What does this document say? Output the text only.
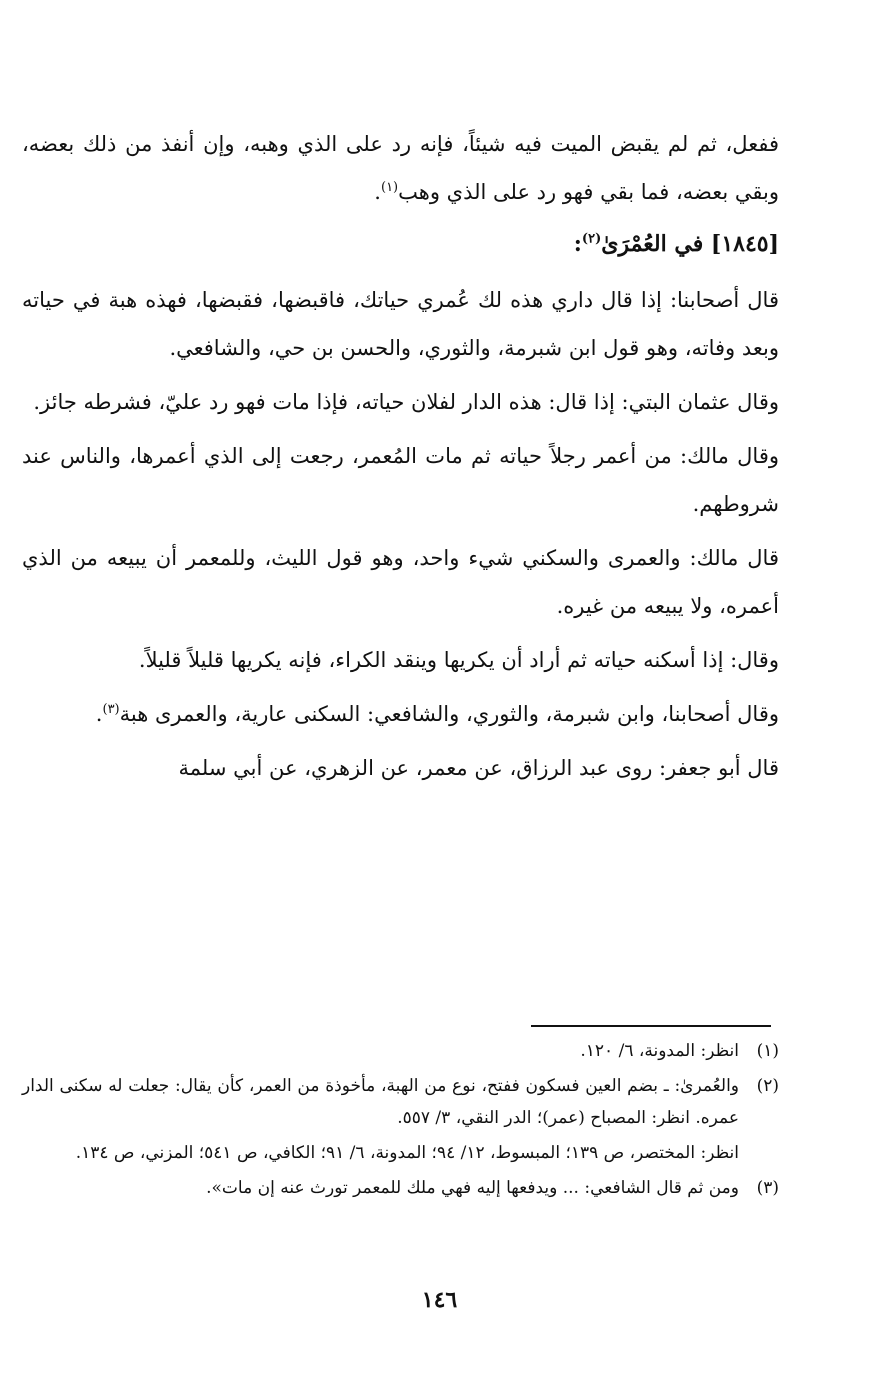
ففعل، ثم لم يقبض الميت فيه شيئاً، فإنه رد على الذي وهبه، وإن أنفذ من ذلك بعضه، وبقي بعضه، فما بقي فهو رد على الذي وهب$^{(١)}$.

[١٨٤٥] في العُمْرَىٰ$^{(٢)}$:

قال أصحابنا: إذا قال داري هذه لك عُمري حياتك، فاقبضها، فقبضها، فهذه هبة في حياته وبعد وفاته، وهو قول ابن شبرمة، والثوري، والحسن بن حي، والشافعي.

وقال عثمان البتي: إذا قال: هذه الدار لفلان حياته، فإذا مات فهو رد عليّ، فشرطه جائز.

وقال مالك: من أعمر رجلاً حياته ثم مات المُعمر، رجعت إلى الذي أعمرها، والناس عند شروطهم.

قال مالك: والعمرى والسكني شيء واحد، وهو قول الليث، وللمعمر أن يبيعه من الذي أعمره، ولا يبيعه من غيره.

وقال: إذا أسكنه حياته ثم أراد أن يكريها وينقد الكراء، فإنه يكريها قليلاً قليلاً.

وقال أصحابنا، وابن شبرمة، والثوري، والشافعي: السكنى عارية، والعمرى هبة$^{(٣)}$.

قال أبو جعفر: روى عبد الرزاق، عن معمر، عن الزهري، عن أبي سلمة

(١)
انظر: المدونة، ٦/ ١٢٠.
(٢)
والعُمرىٰ: ـ بضم العين فسكون ففتح، نوع من الهبة، مأخوذة من العمر، كأن يقال: جعلت له سكنى الدار عمره. انظر: المصباح (عمر)؛ الدر النقي، ٣/ ٥٥٧.
انظر: المختصر، ص ١٣٩؛ المبسوط، ١٢/ ٩٤؛ المدونة، ٦/ ٩١؛ الكافي، ص ٥٤١؛ المزني، ص ١٣٤.
(٣)
ومن ثم قال الشافعي: ... ويدفعها إليه فهي ملك للمعمر تورث عنه إن مات».
١٤٦
